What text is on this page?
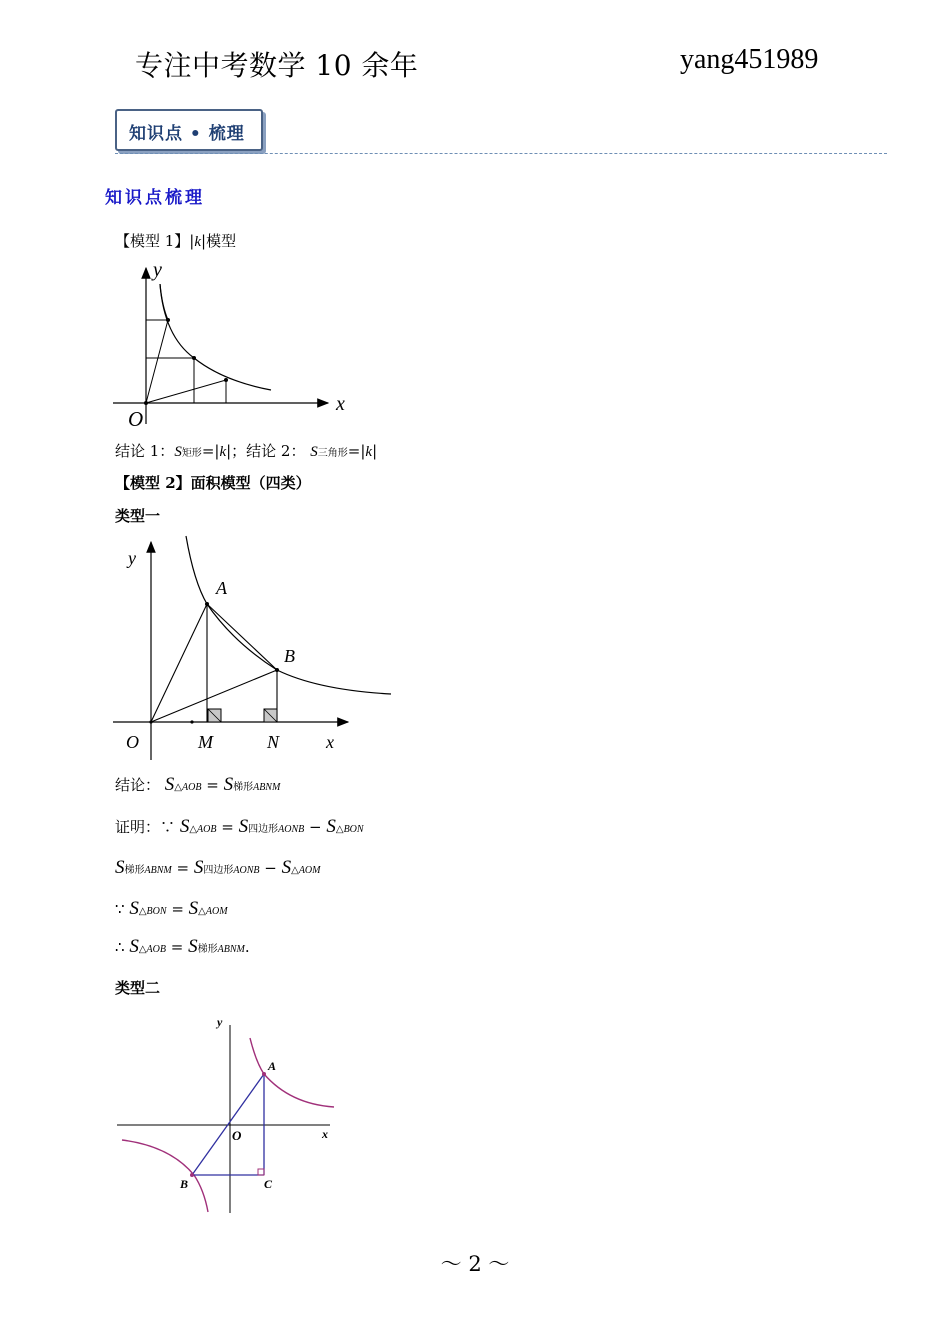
专注中考数学 10 余年	yang451989
知识点 • 梳理
知识点梳理
【模型 1】|k|模型
y
x
O
结论 1：S矩形=|k|；结论 2： S三角形=|k|
【模型 2】面积模型（四类）
类型一
y
x
O
A
B
M	N
结论： S△AOB = S梯形ABNM
证明：∵ S△AOB = S四边形AONB − S△BON
S梯形ABNM = S四边形AONB − S△AOM
∵ S△BON = S△AOM
∴ S△AOB = S梯形ABNM.
类型二
y
x
O
A
B	C
～ 2 ～
